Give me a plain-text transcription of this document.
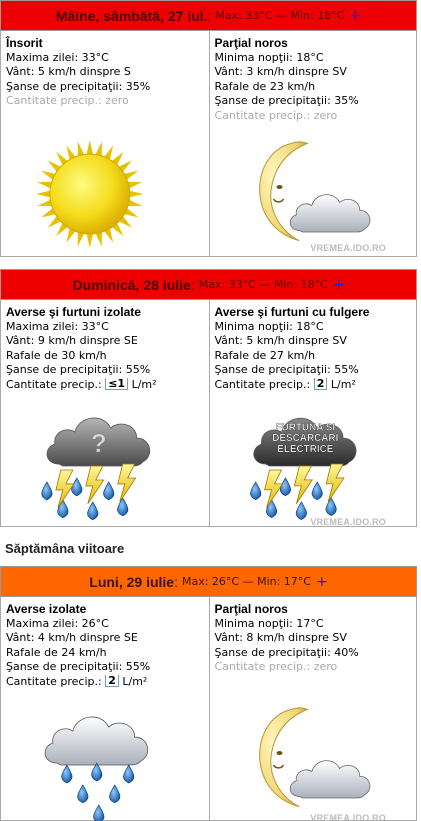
Mâine, sâmbătă, 27 iul. : Max: 33°C — Min: 18°C +
Însorit
Maxima zilei: 33°C
Vânt: 5 km/h dinspre S
Şanse de precipitaţii: 35%
Cantitate precip.: zero
Parţial noros
Minima nopţii: 18°C
Vânt: 3 km/h dinspre SV
Rafale de 23 km/h
Şanse de precipitaţii: 35%
Cantitate precip.: zero
VREMEA.IDO.RO
Duminică, 28 iulie : Max: 33°C — Min: 18°C +
Averse şi furtuni izolate
Maxima zilei: 33°C
Vânt: 9 km/h dinspre SE
Rafale de 30 km/h
Şanse de precipitaţii: 55%
Cantitate precip.: ≤1 L/m²
?
Averse şi furtuni cu fulgere
Minima nopţii: 18°C
Vânt: 5 km/h dinspre SV
Rafale de 27 km/h
Şanse de precipitaţii: 55%
Cantitate precip.: 2 L/m²
FURTUNA SI
DESCARCARI
ELECTRICE
VREMEA.IDO.RO
Săptămâna viitoare
Luni, 29 iulie : Max: 26°C — Min: 17°C +
Averse izolate
Maxima zilei: 26°C
Vânt: 4 km/h dinspre SE
Rafale de 24 km/h
Şanse de precipitaţii: 55%
Cantitate precip.: 2 L/m²
Parţial noros
Minima nopţii: 17°C
Vânt: 8 km/h dinspre SV
Şanse de precipitaţii: 40%
Cantitate precip.: zero
VREMEA.IDO.RO
